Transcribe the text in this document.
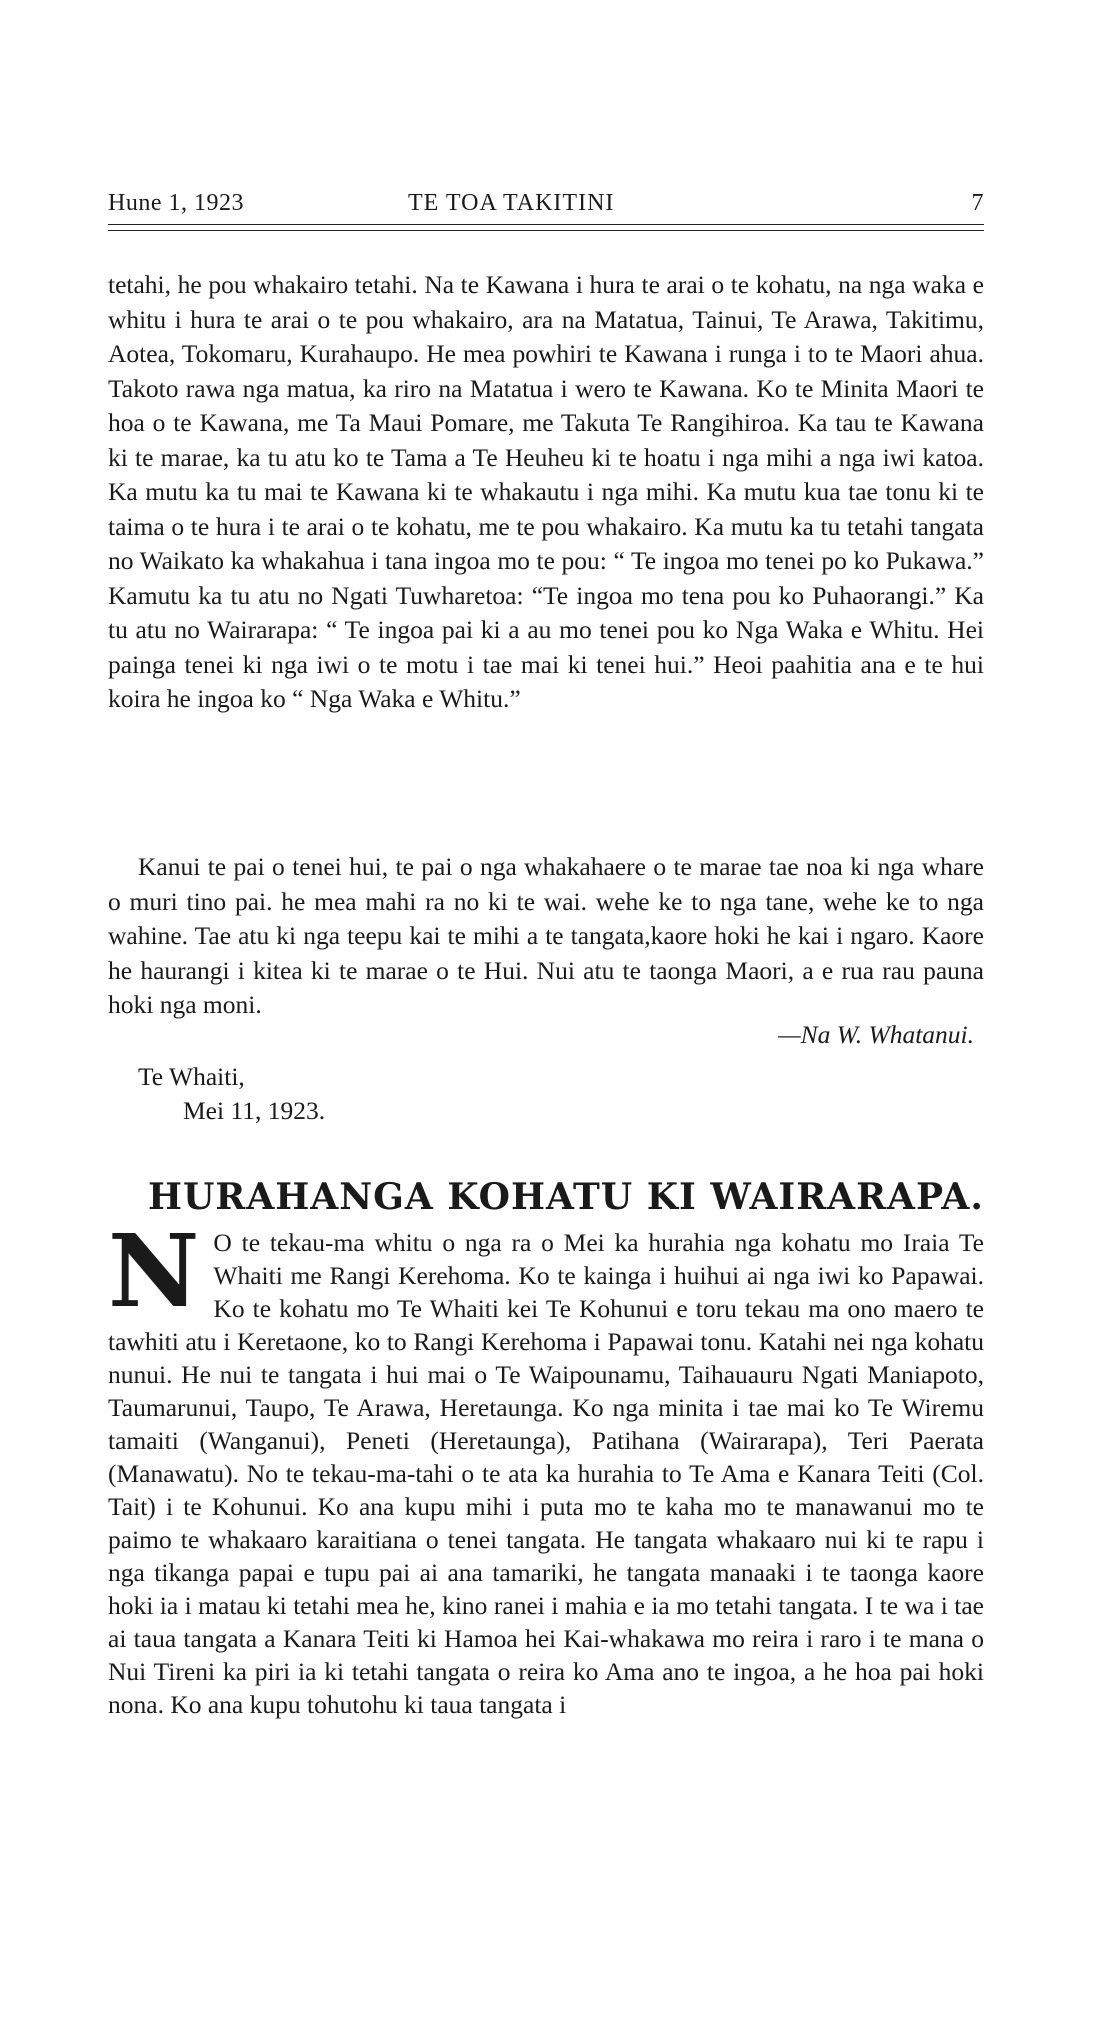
Hune 1, 1923	TE TOA TAKITINI	7

tetahi, he pou whakairo tetahi. Na te Kawana i hura te arai o te kohatu, na nga waka e whitu i hura te arai o te pou whakairo, ara na Matatua, Tainui, Te Arawa, Takitimu, Aotea, Tokomaru, Kurahaupo. He mea powhiri te Kawana i runga i to te Maori ahua. Takoto rawa nga matua, ka riro na Matatua i wero te Kawana. Ko te Minita Maori te hoa o te Kawana, me Ta Maui Pomare, me Takuta Te Rangihiroa. Ka tau te Kawana ki te marae, ka tu atu ko te Tama a Te Heuheu ki te hoatu i nga mihi a nga iwi katoa. Ka mutu ka tu mai te Kawana ki te whakautu i nga mihi. Ka mutu kua tae tonu ki te taima o te hura i te arai o te kohatu, me te pou whakairo. Ka mutu ka tu tetahi tangata no Waikato ka whakahua i tana ingoa mo te pou: “ Te ingoa mo tenei po ko Pukawa.” Kamutu ka tu atu no Ngati Tuwharetoa: “Te ingoa mo tena pou ko Puhaorangi.” Ka tu atu no Wairarapa: “ Te ingoa pai ki a au mo tenei pou ko Nga Waka e Whitu. Hei painga tenei ki nga iwi o te motu i tae mai ki tenei hui.” Heoi paahitia ana e te hui koira he ingoa ko “ Nga Waka e Whitu.”

Kanui te pai o tenei hui, te pai o nga whakahaere o te marae tae noa ki nga whare o muri tino pai. he mea mahi ra no ki te wai. wehe ke to nga tane, wehe ke to nga wahine. Tae atu ki nga teepu kai te mihi a te tangata,kaore hoki he kai i ngaro. Kaore he haurangi i kitea ki te marae o te Hui. Nui atu te taonga Maori, a e rua rau pauna hoki nga moni.

—Na W. Whatanui.
Te Whaiti,
Mei 11, 1923.
HURAHANGA KOHATU KI WAIRARAPA.
N O te tekau-ma whitu o nga ra o Mei ka hurahia nga kohatu mo Iraia Te Whaiti me Rangi Kerehoma. Ko te kainga i huihui ai nga iwi ko Papawai. Ko te kohatu mo Te Whaiti kei Te Kohunui e toru tekau ma ono maero te tawhiti atu i Keretaone, ko to Rangi Kerehoma i Papawai tonu. Katahi nei nga kohatu nunui. He nui te tangata i hui mai o Te Waipounamu, Taihauauru Ngati Maniapoto, Taumarunui, Taupo, Te Arawa, Heretaunga. Ko nga minita i tae mai ko Te Wiremu tamaiti (Wanganui), Peneti (Heretaunga), Patihana (Wairarapa), Teri Paerata (Manawatu). No te tekau-ma-tahi o te ata ka hurahia to Te Ama e Kanara Teiti (Col. Tait) i te Kohunui. Ko ana kupu mihi i puta mo te kaha mo te manawanui mo te paimo te whakaaro karaitiana o tenei tangata. He tangata whakaaro nui ki te rapu i nga tikanga papai e tupu pai ai ana tamariki, he tangata manaaki i te taonga kaore hoki ia i matau ki tetahi mea he, kino ranei i mahia e ia mo tetahi tangata. I te wa i tae ai taua tangata a Kanara Teiti ki Hamoa hei Kai-whakawa mo reira i raro i te mana o Nui Tireni ka piri ia ki tetahi tangata o reira ko Ama ano te ingoa, a he hoa pai hoki nona. Ko ana kupu tohutohu ki taua tangata i
